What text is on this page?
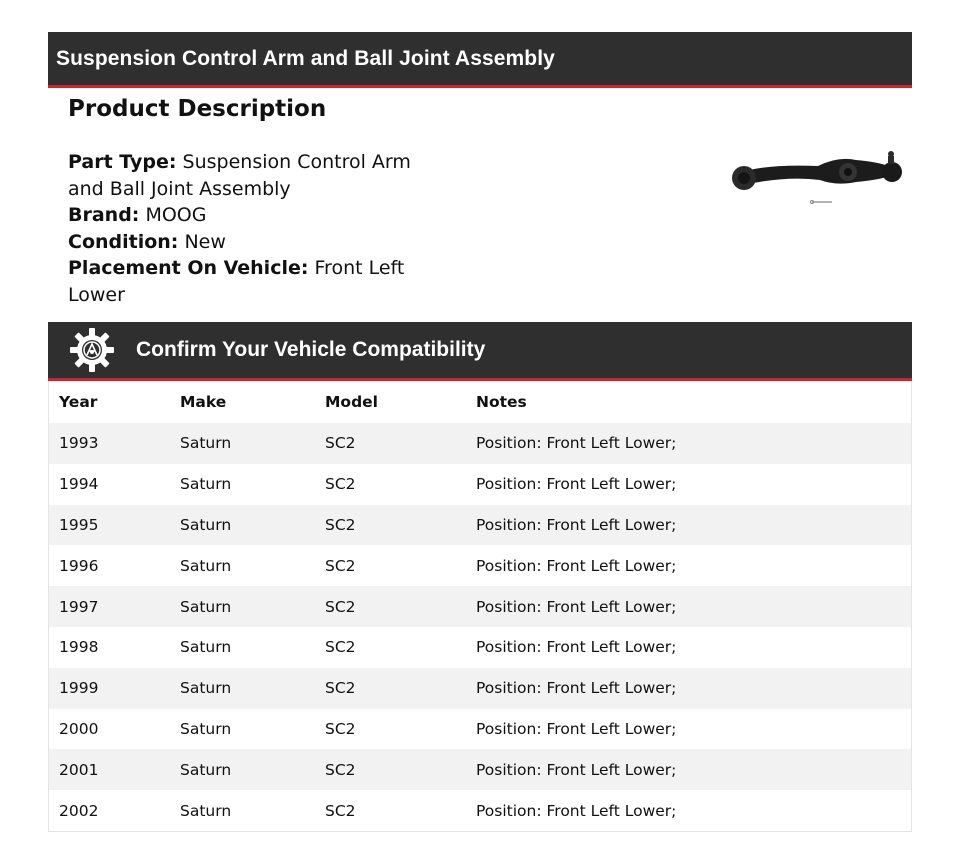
Suspension Control Arm and Ball Joint Assembly
Product Description
Part Type: Suspension Control Arm and Ball Joint Assembly
Brand: MOOG
Condition: New
Placement On Vehicle: Front Left Lower
Confirm Your Vehicle Compatibility
Year	Make	Model	Notes
1993	Saturn	SC2	Position: Front Left Lower;
1994	Saturn	SC2	Position: Front Left Lower;
1995	Saturn	SC2	Position: Front Left Lower;
1996	Saturn	SC2	Position: Front Left Lower;
1997	Saturn	SC2	Position: Front Left Lower;
1998	Saturn	SC2	Position: Front Left Lower;
1999	Saturn	SC2	Position: Front Left Lower;
2000	Saturn	SC2	Position: Front Left Lower;
2001	Saturn	SC2	Position: Front Left Lower;
2002	Saturn	SC2	Position: Front Left Lower;
